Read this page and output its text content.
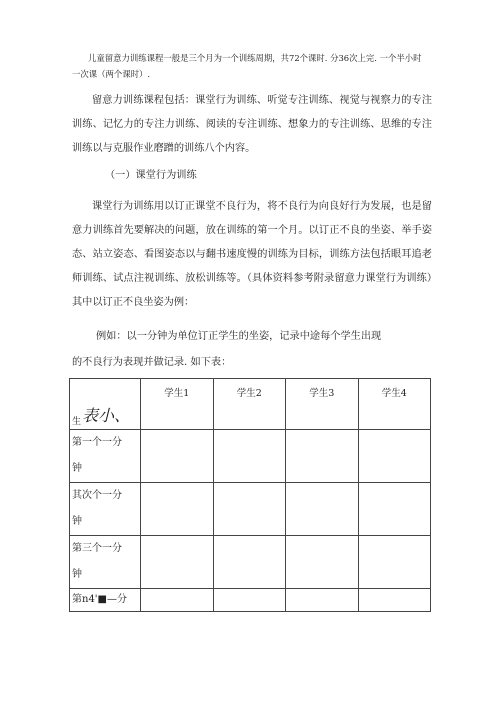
儿童留意力训练课程一般是三个月为一个训练周期，共72个课时. 分36次上完. 一个半小时
一次课（两个课时）.
留意力训练课程包括：课堂行为训练、听觉专注训练、视觉与视察力的专注训练、记忆力的专注力训练、阅读的专注训练、想象力的专注训练、思维的专注训练以与克服作业磨蹭的训练八个内容。
（一）课堂行为训练
课堂行为训练用以订正课堂不良行为，将不良行为向良好行为发展，也是留意力训练首先要解决的问题，放在训练的第一个月。以订正不良的坐姿、举手姿态、站立姿态、看图姿态以与翻书速度慢的训练为目标，训练方法包括眼耳追老师训练、试点注视训练、放松训练等。（具体资料参考附录留意力课堂行为训练）其中以订正不良坐姿为例：
例如：以一分钟为单位订正学生的坐姿，记录中途每个学生出现
的不良行为表现并做记录. 如下表：
生 表小、	学生1	学生2	学生3	学生4

第一个一分
钟				

其次个一分
钟				

第三个一分
钟				

第n4'■—分				
